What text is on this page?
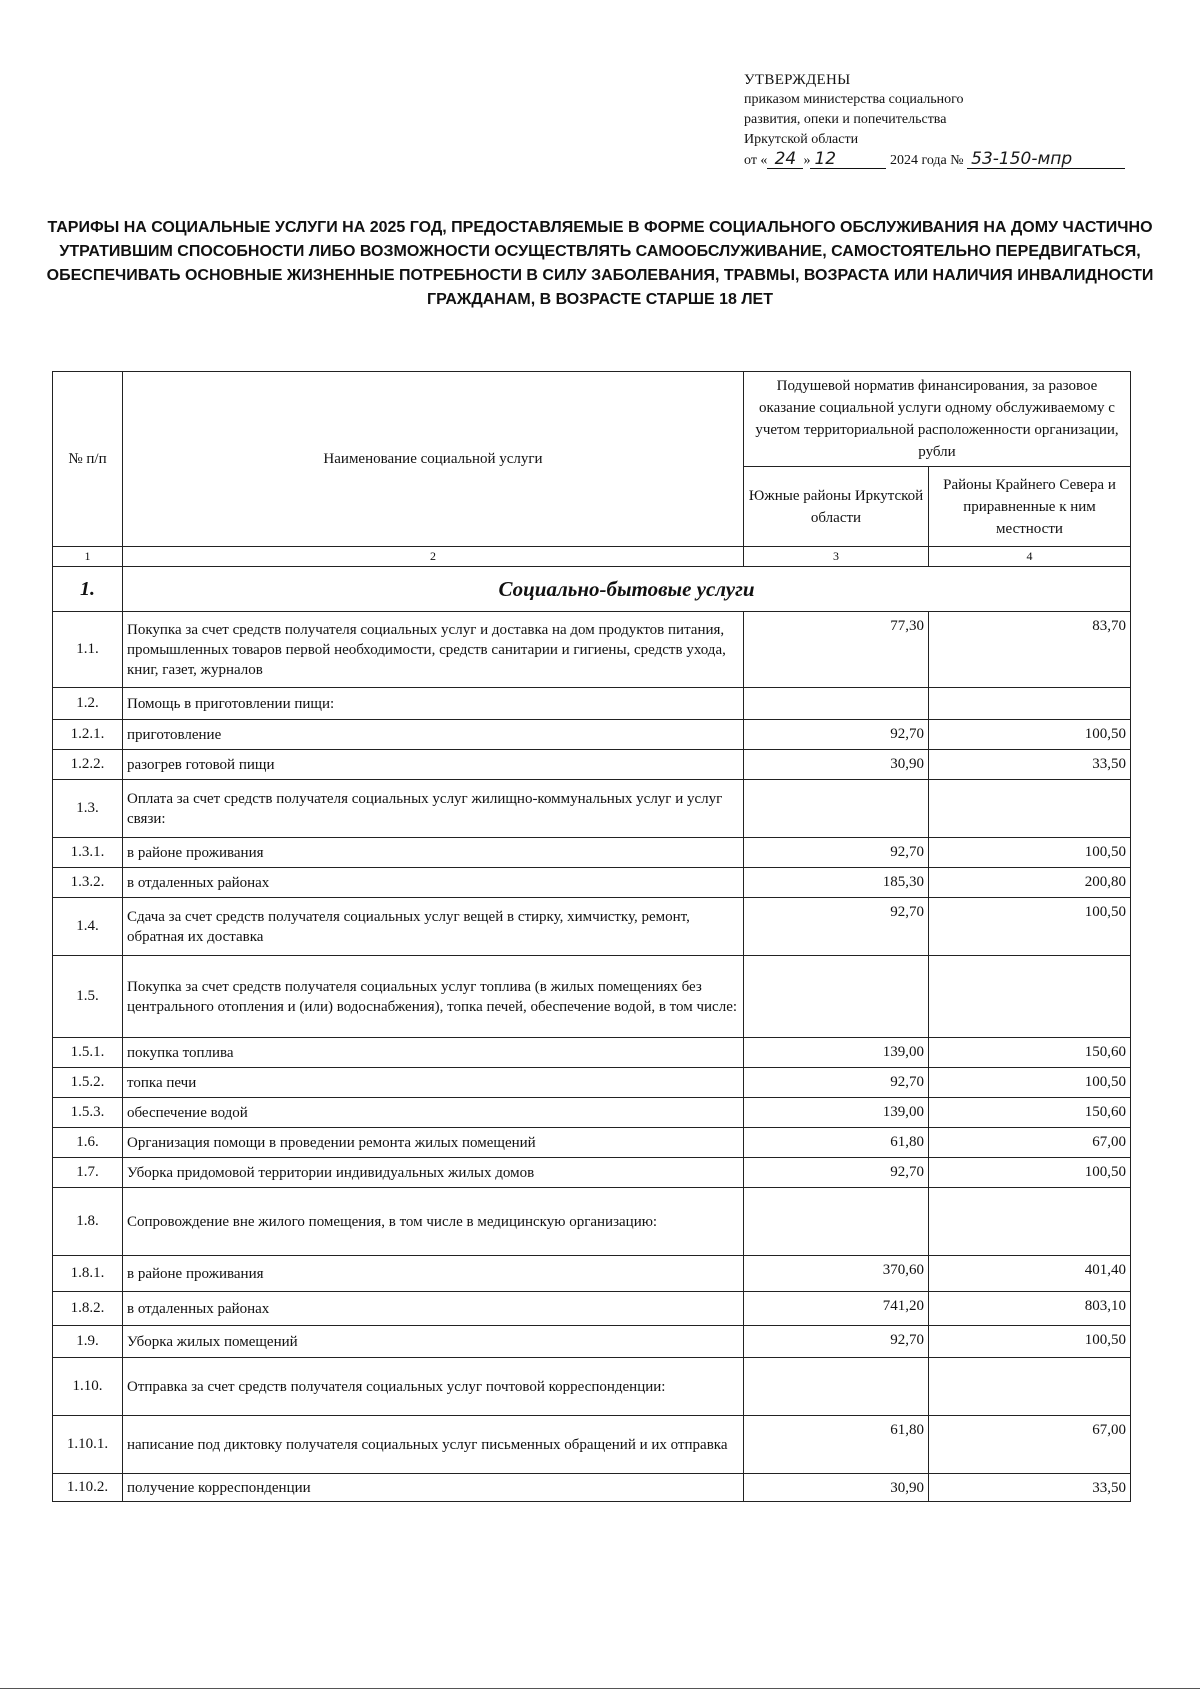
УТВЕРЖДЕНЫ
приказом министерства социального
развития, опеки и попечительства
Иркутской области
от « 24 » 12	2024 года № 53-150-мпр
ТАРИФЫ НА СОЦИАЛЬНЫЕ УСЛУГИ НА 2025 ГОД, ПРЕДОСТАВЛЯЕМЫЕ В ФОРМЕ СОЦИАЛЬНОГО ОБСЛУЖИВАНИЯ НА ДОМУ ЧАСТИЧНО УТРАТИВШИМ СПОСОБНОСТИ ЛИБО ВОЗМОЖНОСТИ ОСУЩЕСТВЛЯТЬ САМООБСЛУЖИВАНИЕ, САМОСТОЯТЕЛЬНО ПЕРЕДВИГАТЬСЯ, ОБЕСПЕЧИВАТЬ ОСНОВНЫЕ ЖИЗНЕННЫЕ ПОТРЕБНОСТИ В СИЛУ ЗАБОЛЕВАНИЯ, ТРАВМЫ, ВОЗРАСТА ИЛИ НАЛИЧИЯ ИНВАЛИДНОСТИ ГРАЖДАНАМ, В ВОЗРАСТЕ СТАРШЕ 18 ЛЕТ
№ п/п	Наименование социальной услуги	Подушевой норматив финансирования, за разовое оказание социальной услуги одному обслуживаемому с учетом территориальной расположенности организации, рубли	
		Южные районы Иркутской области	Районы Крайнего Севера и приравненные к ним местности
1	2	3	4
1.	Социально-бытовые услуги		
1.1.	Покупка за счет средств получателя социальных услуг и доставка на дом продуктов питания, промышленных товаров первой необходимости, средств санитарии и гигиены, средств ухода, книг, газет, журналов	77,30	83,70
1.2.	Помощь в приготовлении пищи:		
1.2.1.	приготовление	92,70	100,50
1.2.2.	разогрев готовой пищи	30,90	33,50
1.3.	Оплата за счет средств получателя социальных услуг жилищно-коммунальных услуг и услуг связи:		
1.3.1.	в районе проживания	92,70	100,50
1.3.2.	в отдаленных районах	185,30	200,80
1.4.	Сдача за счет средств получателя социальных услуг вещей в стирку, химчистку, ремонт, обратная их доставка	92,70	100,50
1.5.	Покупка за счет средств получателя социальных услуг топлива (в жилых помещениях без центрального отопления и (или) водоснабжения), топка печей, обеспечение водой, в том числе:		
1.5.1.	покупка топлива	139,00	150,60
1.5.2.	топка печи	92,70	100,50
1.5.3.	обеспечение водой	139,00	150,60
1.6.	Организация помощи в проведении ремонта жилых помещений	61,80	67,00
1.7.	Уборка придомовой территории индивидуальных жилых домов	92,70	100,50
1.8.	Сопровождение вне жилого помещения, в том числе в медицинскую организацию:		
1.8.1.	в районе проживания	370,60	401,40
1.8.2.	в отдаленных районах	741,20	803,10
1.9.	Уборка жилых помещений	92,70	100,50
1.10.	Отправка за счет средств получателя социальных услуг почтовой корреспонденции:		
1.10.1.	написание под диктовку получателя социальных услуг письменных обращений и их отправка	61,80	67,00
1.10.2.	получение корреспонденции	30,90	33,50
